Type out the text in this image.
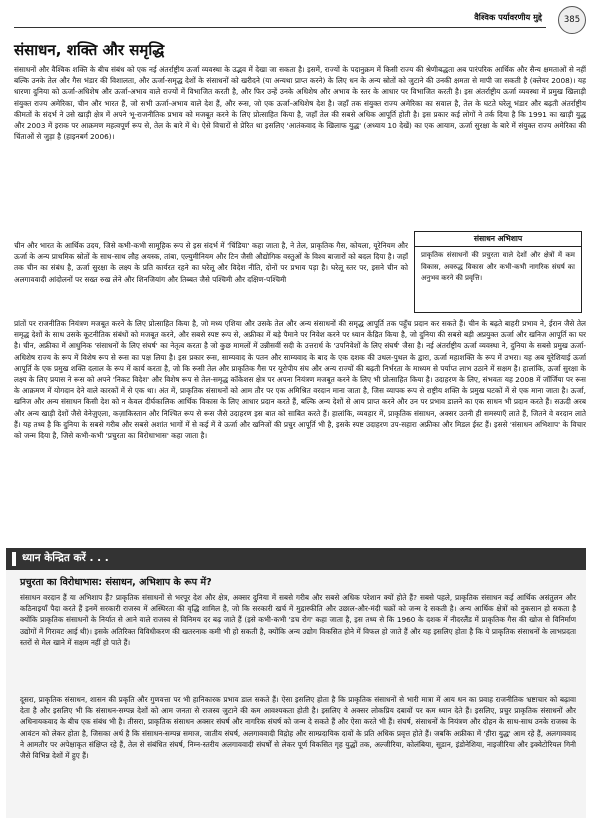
वैश्विक पर्यावरणीय मुद्दे	385
संसाधन, शक्ति और समृद्धि

संसाधनों और वैश्विक शक्ति के बीच संबंध को एक नई अंतर्राष्ट्रीय ऊर्जा व्यवस्था के उद्भव में देखा जा सकता है। इसमें, राज्यों के पदानुक्रम में किसी राज्य की श्रेणीबद्धता अब पारंपरिक आर्थिक और सैन्य क्षमताओं से नहीं बल्कि उनके तेल और गैस भंडार की विशालता, और ऊर्जा-समृद्ध देशों के संसाधनों को खरीदने (या अन्यथा प्राप्त करने) के लिए धन के अन्य स्रोतों को जुटाने की उनकी क्षमता से मापी जा सकती है (क्लेयर 2008)। यह धारणा दुनिया को ऊर्जा-अधिशेष और ऊर्जा-अभाव वाले राज्यों में विभाजित करती है, और फिर उन्हें उनके अधिशेष और अभाव के स्तर के आधार पर विभाजित करती है। इस अंतर्राष्ट्रीय ऊर्जा व्यवस्था में प्रमुख खिलाड़ी संयुक्त राज्य अमेरिका, चीन और भारत हैं, जो सभी ऊर्जा-अभाव वाले देश हैं, और रूस, जो एक ऊर्जा-अधिशेष देश है। जहाँ तक संयुक्त राज्य अमेरिका का सवाल है, तेल के घटते घरेलू भंडार और बढ़ती अंतर्राष्ट्रीय कीमतों के संदर्भ ने उसे खाड़ी क्षेत्र में अपने भू-राजनीतिक प्रभाव को मजबूत करने के लिए प्रोत्साहित किया है, जहाँ तेल की सबसे अधिक आपूर्ति होती है। इस प्रकार कई लोगों ने तर्क दिया है कि 1991 का खाड़ी युद्ध और 2003 में इराक पर आक्रमण महत्वपूर्ण रूप से, तेल के बारे में थे। ऐसे विचारों से प्रेरित था इसलिए 'आतंकवाद के खिलाफ युद्ध' (अध्याय 10 देखें) का एक आयाम, ऊर्जा सुरक्षा के बारे में संयुक्त राज्य अमेरिका की चिंताओं से जुड़ा है (हाइनबर्ग 2006)।

चीन और भारत के आर्थिक उदय, जिसे कभी-कभी सामूहिक रूप से इस संदर्भ में 'चिंडिया' कहा जाता है, ने तेल, प्राकृतिक गैस, कोयला, यूरेनियम और ऊर्जा के अन्य प्राथमिक स्रोतों के साथ-साथ लौह अयस्क, तांबा, एल्युमीनियम और टिन जैसी औद्योगिक वस्तुओं के विश्व बाजारों को बदल दिया है। जहाँ तक चीन का संबंध है, ऊर्जा सुरक्षा के लक्ष्य के प्रति कार्यरत रहने का घरेलू और विदेश नीति, दोनों पर प्रभाव पड़ा है। घरेलू स्तर पर, इसने चीन को अलगाववादी आंदोलनों पर सख्त रुख लेने और शिनजियांग और तिब्बत जैसे पश्चिमी और दक्षिण-पश्चिमी

संसाधन अभिशाप

प्राकृतिक संसाधनों की प्रचुरता वाले देशों और क्षेत्रों में कम विकास, अवरुद्ध विकास और कभी-कभी नागरिक संघर्ष का अनुभव करने की प्रवृत्ति।

प्रांतों पर राजनीतिक नियंत्रण मजबूत करने के लिए प्रोत्साहित किया है, जो मध्य एशिया और उसके तेल और अन्य संसाधनों की समृद्ध आपूर्ति तक पहुँच प्रदान कर सकते हैं। चीन के बढ़ते बाहरी प्रभाव ने, ईरान जैसे तेल समृद्ध देशों के साथ उसके कूटनीतिक संबंधों को मजबूत करने, और सबसे स्पष्ट रूप से, अफ्रीका में बड़े पैमाने पर निवेश करने पर ध्यान केंद्रित किया है, जो दुनिया की सबसे बड़ी अप्रयुक्त ऊर्जा और खनिज आपूर्ति का घर है। चीन, अफ्रीका में आधुनिक 'संसाधनों के लिए संघर्ष' का नेतृत्व करता है जो कुछ मामलों में उन्नीसवीं सदी के उत्तरार्ध के 'उपनिवेशों के लिए संघर्ष' जैसा है। नई अंतर्राष्ट्रीय ऊर्जा व्यवस्था ने, दुनिया के सबसे प्रमुख ऊर्जा-अधिशेष राज्य के रूप में विशेष रूप से रूस का पक्ष लिया है। इस प्रकार रूस, साम्यवाद के पतन और साम्यवाद के बाद के एक दशक की उथल-पुथल के द्वारा, ऊर्जा महाशक्ति के रूप में उभरा। यह अब यूरेशियाई ऊर्जा आपूर्ति के एक प्रमुख शक्ति दलाल के रूप में कार्य करता है, जो कि रूसी तेल और प्राकृतिक गैस पर यूरोपीय संघ और अन्य राज्यों की बढ़ती निर्भरता के माध्यम से पर्याप्त लाभ उठाने में सक्षम है। हालांकि, ऊर्जा सुरक्षा के लक्ष्य के लिए प्रयास ने रूस को अपने 'निकट विदेश' और विशेष रूप से तेल-समृद्ध कॉकेशस क्षेत्र पर अपना नियंत्रण मजबूत करने के लिए भी प्रोत्साहित किया है। उदाहरण के लिए, संभवतः यह 2008 में जॉर्जिया पर रूस के आक्रमण में योगदान देने वाले कारकों में से एक था। अंत में, प्राकृतिक संसाधनों को आम तौर पर एक अमिश्रित वरदान माना जाता है, जिस व्यापक रूप से राष्ट्रीय शक्ति के प्रमुख घटकों में से एक माना जाता है। ऊर्जा, खनिज और अन्य संसाधन किसी देश को न केवल दीर्घकालिक आर्थिक विकास के लिए आधार प्रदान करते हैं, बल्कि अन्य देशों से आय प्राप्त करने और उन पर प्रभाव डालने का एक साधन भी प्रदान करते हैं। सऊदी अरब और अन्य खाड़ी देशों जैसे वेनेज़ुएला, कज़ाकिस्तान और निश्चित रूप से रूस जैसे उदाहरण इस बात को साबित करते हैं। हालांकि, व्यवहार में, प्राकृतिक संसाधन, अक्सर उतनी ही समस्याएँ लाते हैं, जितने वे वरदान लाते हैं। यह तथ्य है कि दुनिया के सबसे गरीब और सबसे अशांत भागों में से कई में वे ऊर्जा और खनिजों की प्रचुर आपूर्ति भी है, इसके स्पष्ट उदाहरण उप-सहारा अफ्रीका और मिडल ईस्ट हैं। इससे 'संसाधन अभिशाप' के विचार को जन्म दिया है, जिसे कभी-कभी 'प्रचुरता का विरोधाभास' कहा जाता है।

ध्यान केन्द्रित करें . . .
प्रचुरता का विरोधाभास: संसाधन, अभिशाप के रूप में?

संसाधन वरदान हैं या अभिशाप हैं? प्राकृतिक संसाधनों से भरपूर देश और क्षेत्र, अक्सर दुनिया में सबसे गरीब और सबसे अधिक परेशान क्यों होते हैं? सबसे पहले, प्राकृतिक संसाधन कई आर्थिक असंतुलन और कठिनाइयाँ पैदा करते हैं इनमें सरकारी राजस्व में अस्थिरता की वृद्धि शामिल है, जो कि सरकारी खर्च में मुद्रास्फीति और उछाल-और-मंदी चक्रों को जन्म दे सकती है। अन्य आर्थिक क्षेत्रों को नुकसान हो सकता है क्योंकि प्राकृतिक संसाधनों के निर्यात से आने वाले राजस्व से विनिमय दर बढ़ जाते हैं (इसे कभी-कभी 'डच रोग' कहा जाता है, इस तथ्य से कि 1960 के दशक में नीदरलैंड में प्राकृतिक गैस की खोज से विनिर्माण उद्योगों में गिरावट आई थी)। इसके अतिरिक्त विविधीकरण की खतरनाक कमी भी हो सकती है, क्योंकि अन्य उद्योग विकसित होने में विफल हो जाते हैं और यह इसलिए होता है कि ये प्राकृतिक संसाधनों के लाभप्रदता स्तरों से मेल खाने में सक्षम नहीं हो पाते हैं।

दूसरा, प्राकृतिक संसाधन, शासन की प्रकृति और गुणवत्ता पर भी हानिकारक प्रभाव डाल सकते हैं। ऐसा इसलिए होता है कि प्राकृतिक संसाधनों से भारी मात्रा में आय धन का प्रवाह राजनीतिक भ्रष्टाचार को बढ़ावा देता है और इसलिए भी कि संसाधन-सम्पन्न देशों को आम जनता से राजस्व जुटाने की कम आवश्यकता होती है। इसलिए ये अक्सर लोकप्रिय दबावों पर कम ध्यान देते हैं। इसलिए, प्रचुर प्राकृतिक संसाधनों और अधिनायकवाद के बीच एक संबंध भी है। तीसरा, प्राकृतिक संसाधन अक्सर संघर्ष और नागरिक संघर्ष को जन्म दे सकते हैं और ऐसा करते भी हैं। संघर्ष, संसाधनों के नियंत्रण और दोहन के साथ-साथ उनके राजस्व के आवंटन को लेकर होता है, जिसका अर्थ है कि संसाधन-सम्पन्न समाज, जातीय संघर्ष, अलगाववादी विद्रोह और साम्प्रदायिक दावों के प्रति अधिक प्रवृत्त होते हैं। जबकि अफ्रीका में 'हीरा युद्ध' आम रहे हैं, अलगाववाद ने आमतौर पर अपेक्षाकृत संक्षिप्त रहे हैं, तेल से संबंधित संघर्ष, निम्न-स्तरीय अलगाववादी संघर्षों से लेकर पूर्ण विकसित गृह युद्धों तक, अल्जीरिया, कोलंबिया, सूडान, इंडोनेशिया, नाइजीरिया और इक्वेटोरियल गिनी जैसे विभिन्न देशों में हुए हैं।
